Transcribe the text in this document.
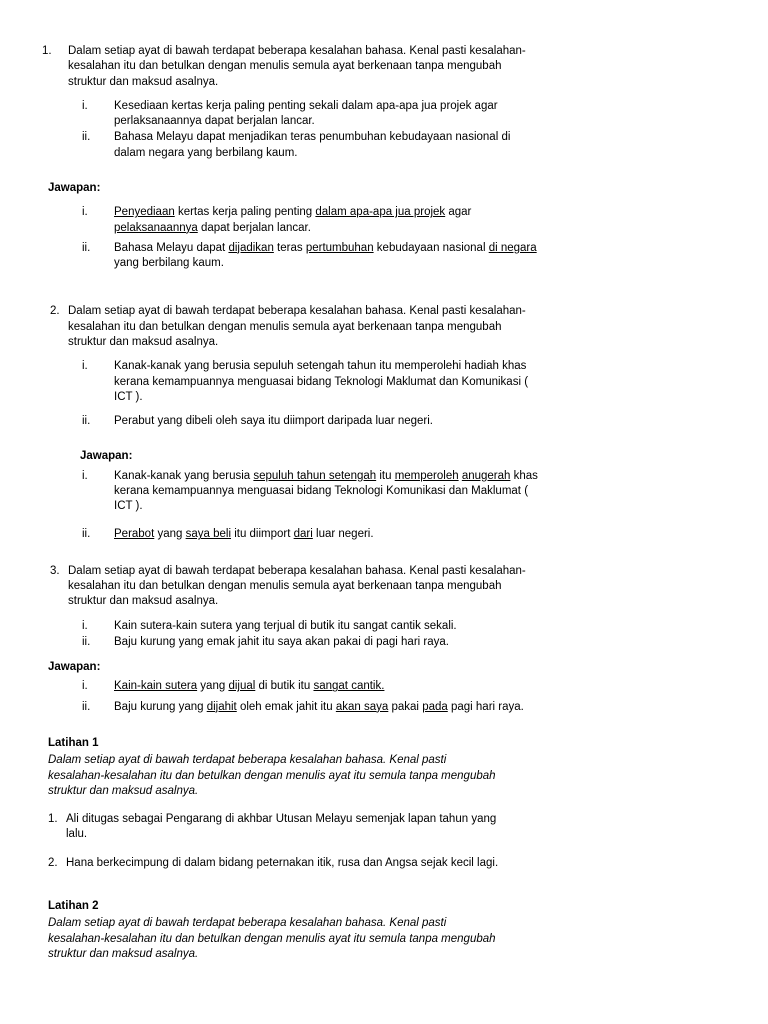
1.	Dalam setiap ayat di bawah terdapat beberapa kesalahan bahasa. Kenal pasti kesalahan-kesalahan itu dan betulkan dengan menulis semula ayat berkenaan tanpa mengubah struktur dan maksud asalnya.
i.	Kesediaan kertas kerja paling penting sekali dalam apa-apa jua projek agar perlaksanaannya dapat berjalan lancar.
ii.	Bahasa Melayu dapat menjadikan teras penumbuhan kebudayaan nasional di dalam negara yang berbilang kaum.
Jawapan:
i.	Penyediaan kertas kerja paling penting dalam apa-apa jua projek agar pelaksanaannya dapat berjalan lancar.
ii.	Bahasa Melayu dapat dijadikan teras pertumbuhan kebudayaan nasional di negara yang berbilang kaum.
2. Dalam setiap ayat di bawah terdapat beberapa kesalahan bahasa. Kenal pasti kesalahan-kesalahan itu dan betulkan dengan menulis semula ayat berkenaan tanpa mengubah struktur dan maksud asalnya.
i.	Kanak-kanak yang berusia sepuluh setengah tahun itu memperolehi hadiah khas kerana kemampuannya menguasai bidang Teknologi Maklumat dan Komunikasi ( ICT ).
ii.	Perabut yang dibeli oleh saya itu diimport daripada luar negeri.
Jawapan:
i.	Kanak-kanak yang berusia sepuluh tahun setengah itu memperoleh anugerah khas kerana kemampuannya menguasai bidang Teknologi Komunikasi dan Maklumat ( ICT ).
ii.	Perabot yang saya beli itu diimport dari luar negeri.
3. Dalam setiap ayat di bawah terdapat beberapa kesalahan bahasa. Kenal pasti kesalahan-kesalahan itu dan betulkan dengan menulis semula ayat berkenaan tanpa mengubah struktur dan maksud asalnya.
i.	Kain sutera-kain sutera yang terjual di butik itu sangat cantik sekali.
ii.	Baju kurung yang emak jahit itu saya akan pakai di pagi hari raya.
Jawapan:
i.	Kain-kain sutera yang dijual di butik itu sangat cantik.
ii.	Baju kurung yang dijahit oleh emak jahit itu akan saya pakai pada pagi hari raya.
Latihan 1
Dalam setiap ayat di bawah terdapat beberapa kesalahan bahasa. Kenal pasti kesalahan-kesalahan itu dan betulkan dengan menulis ayat itu semula tanpa mengubah struktur dan maksud asalnya.
1. Ali ditugas sebagai Pengarang di akhbar Utusan Melayu semenjak lapan tahun yang lalu.
2. Hana berkecimpung di dalam bidang peternakan itik, rusa dan Angsa sejak kecil lagi.
Latihan 2
Dalam setiap ayat di bawah terdapat beberapa kesalahan bahasa. Kenal pasti kesalahan-kesalahan itu dan betulkan dengan menulis ayat itu semula tanpa mengubah struktur dan maksud asalnya.
